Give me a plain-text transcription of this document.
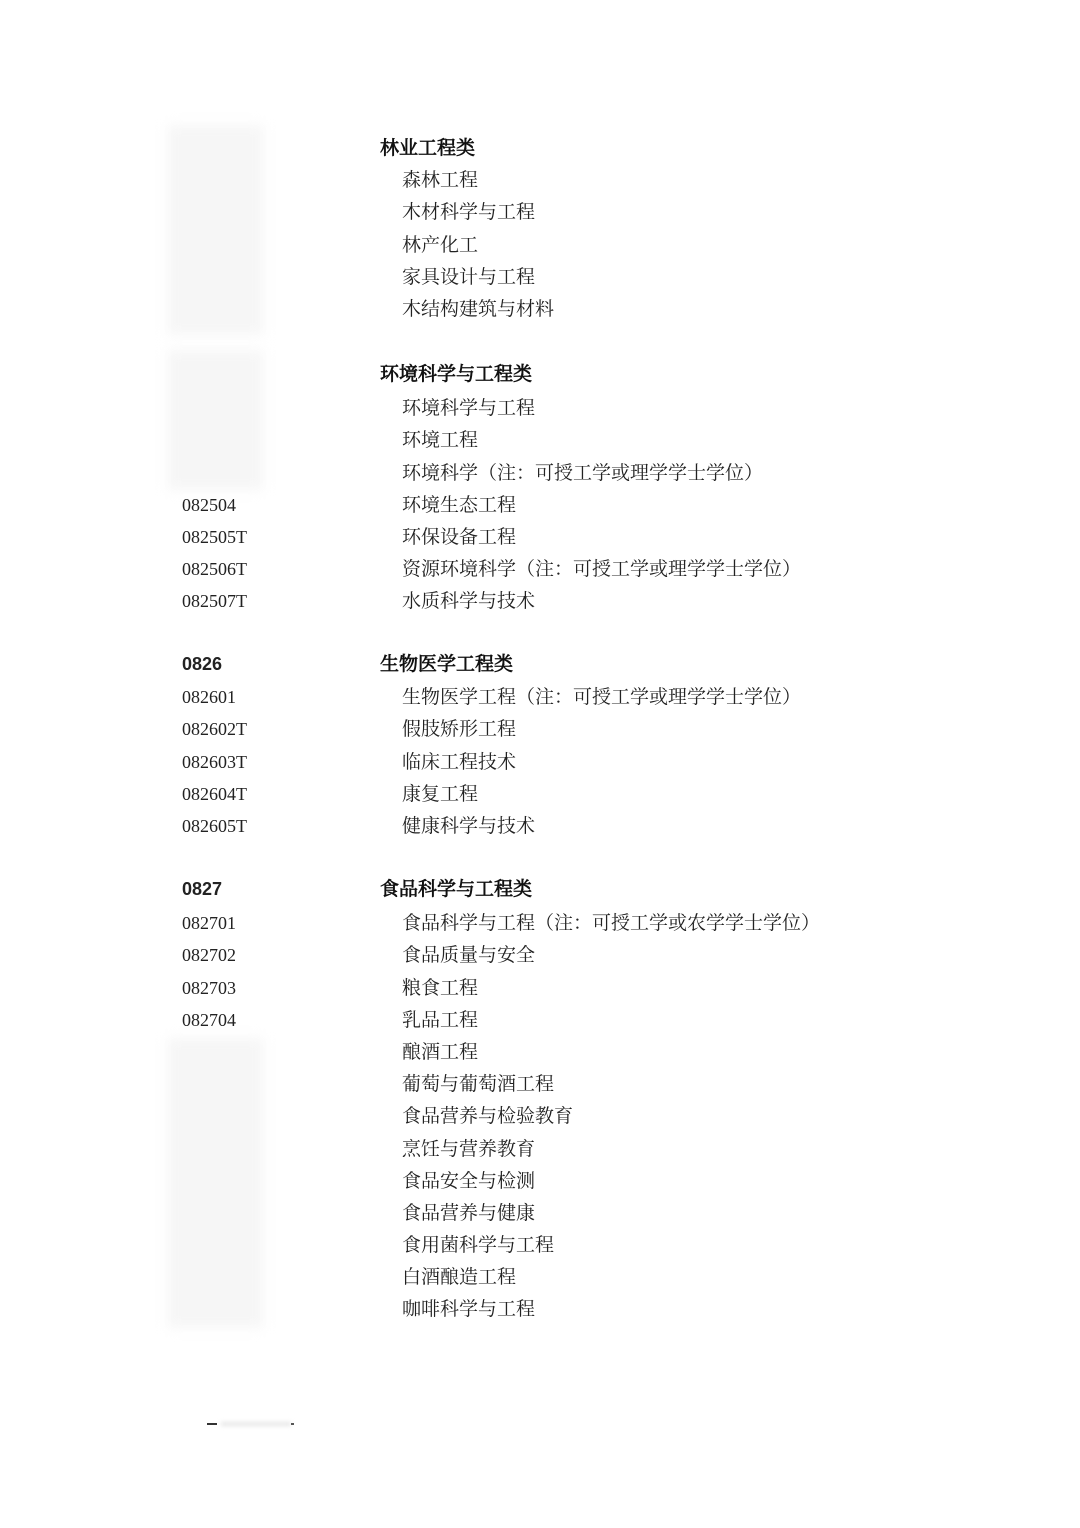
林业工程类
森林工程
木材科学与工程
林产化工
家具设计与工程
木结构建筑与材料
环境科学与工程类
环境科学与工程
环境工程
环境科学（注：可授工学或理学学士学位）
082504	环境生态工程
082505T	环保设备工程
082506T	资源环境科学（注：可授工学或理学学士学位）
082507T	水质科学与技术
0826	生物医学工程类
082601	生物医学工程（注：可授工学或理学学士学位）
082602T	假肢矫形工程
082603T	临床工程技术
082604T	康复工程
082605T	健康科学与技术
0827	食品科学与工程类
082701	食品科学与工程（注：可授工学或农学学士学位）
082702	食品质量与安全
082703	粮食工程
082704	乳品工程
酿酒工程
葡萄与葡萄酒工程
食品营养与检验教育
烹饪与营养教育
食品安全与检测
食品营养与健康
食用菌科学与工程
白酒酿造工程
咖啡科学与工程
